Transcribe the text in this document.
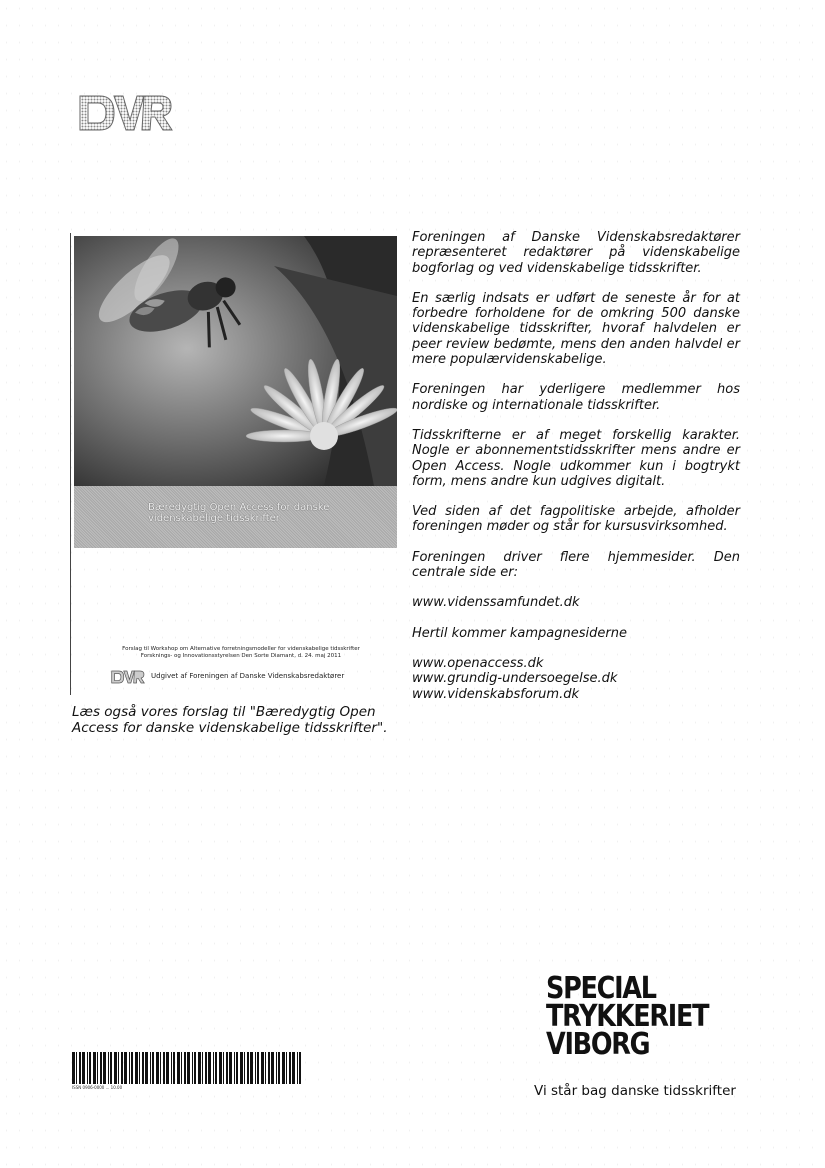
Bæredygtig Open Access for danske videnskabelige tidsskrifter
Forslag til Workshop om Alternative forretningsmodeller for videnskabelige tidsskrifter
Forsknings- og Innovationsstyrelsen Den Sorte Diamant, d. 24. maj 2011
Udgivet af Foreningen af Danske Videnskabsredaktører
Læs også vores forslag til "Bæredygtig Open Access for danske videnskabelige tidsskrifter".

Foreningen af Danske Videnskabsredaktører repræsenteret redaktører på videnskabelige bogforlag og ved videnskabelige tidsskrifter.

En særlig indsats er udført de seneste år for at forbedre forholdene for de omkring 500 danske videnskabelige tidsskrifter, hvoraf halvdelen er peer review bedømte, mens den anden halvdel er mere populærvidenskabelige.

Foreningen har yderligere medlemmer hos nordiske og internationale tidsskrifter.

Tidsskrifterne er af meget forskellig karakter. Nogle er abonnementstidsskrifter mens andre er Open Access. Nogle udkommer kun i bogtrykt form, mens andre kun udgives digitalt.

Ved siden af det fagpolitiske arbejde, afholder foreningen møder og står for kursusvirksomhed.

Foreningen driver flere hjemmesider. Den centrale side er:

www.videnssamfundet.dk
Hertil kommer kampagnesiderne
www.openaccess.dk
www.grundig-undersoegelse.dk
www.videnskabsforum.dk
SPECIAL
TRYKKERIET
VIBORG
Vi står bag danske tidsskrifter
ISSN 0906-0000 ... 10.00
